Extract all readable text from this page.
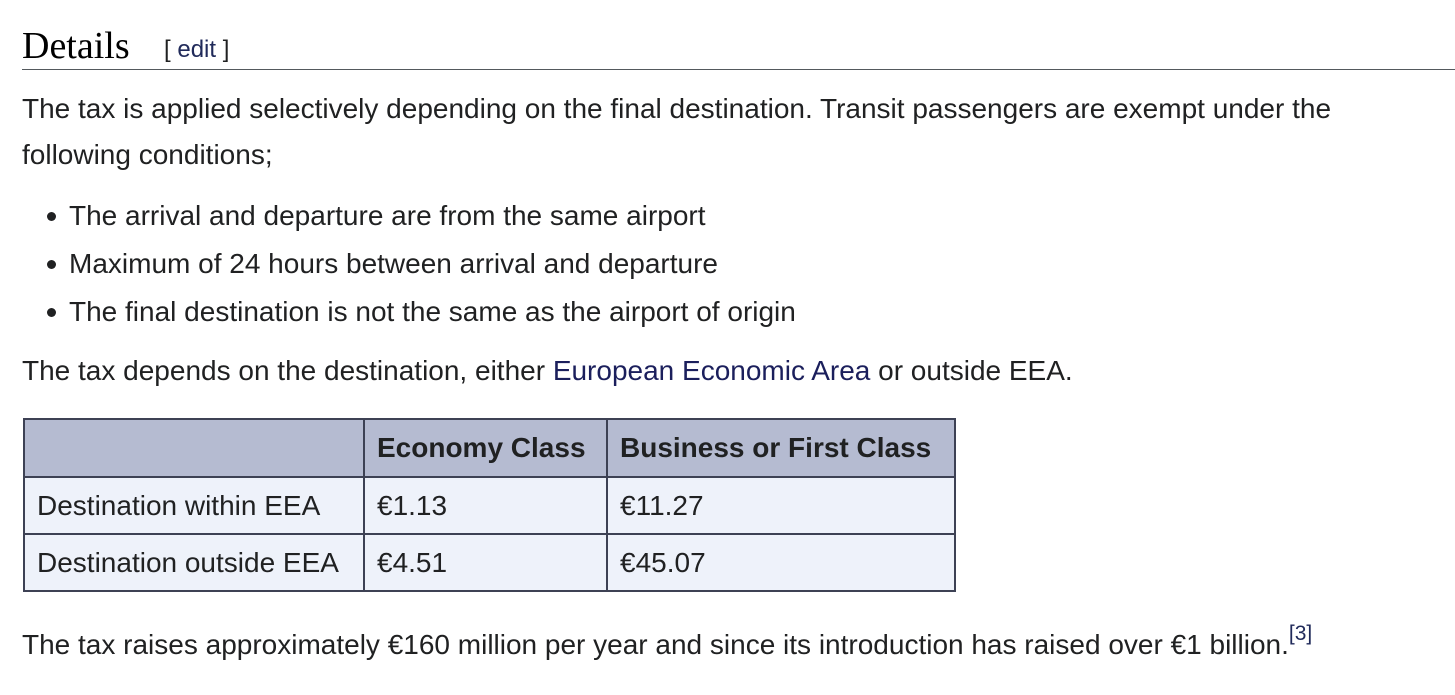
Details [ edit ]

The tax is applied selectively depending on the final destination. Transit passengers are exempt under the following conditions;

The arrival and departure are from the same airport
Maximum of 24 hours between arrival and departure
The final destination is not the same as the airport of origin

The tax depends on the destination, either European Economic Area or outside EEA.

	Economy Class	Business or First Class
Destination within EEA	€1.13	€11.27
Destination outside EEA	€4.51	€45.07

The tax raises approximately €160 million per year and since its introduction has raised over €1 billion.[3]
